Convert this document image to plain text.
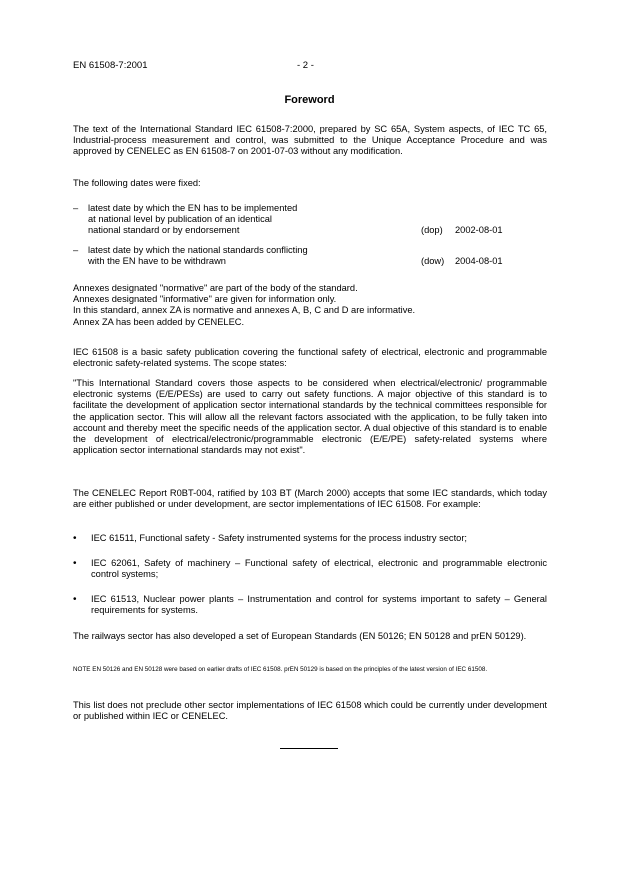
EN 61508-7:2001	- 2 -
Foreword
The text of the International Standard IEC 61508-7:2000, prepared by SC 65A, System aspects, of IEC TC 65, Industrial-process measurement and control, was submitted to the Unique Acceptance Procedure and was approved by CENELEC as EN 61508-7 on 2001-07-03 without any modification.
The following dates were fixed:
– latest date by which the EN has to be implemented
at national level by publication of an identical
national standard or by endorsement	(dop)	2002-08-01
– latest date by which the national standards conflicting
with the EN have to be withdrawn	(dow)	2004-08-01
Annexes designated "normative" are part of the body of the standard.
Annexes designated "informative" are given for information only.
In this standard, annex ZA is normative and annexes A, B, C and D are informative.
Annex ZA has been added by CENELEC.
IEC 61508 is a basic safety publication covering the functional safety of electrical, electronic and programmable electronic safety-related systems. The scope states:
"This International Standard covers those aspects to be considered when electrical/electronic/ programmable electronic systems (E/E/PESs) are used to carry out safety functions. A major objective of this standard is to facilitate the development of application sector international standards by the technical committees responsible for the application sector. This will allow all the relevant factors associated with the application, to be fully taken into account and thereby meet the specific needs of the application sector. A dual objective of this standard is to enable the development of electrical/electronic/programmable electronic (E/E/PE) safety-related systems where application sector international standards may not exist".
The CENELEC Report R0BT-004, ratified by 103 BT (March 2000) accepts that some IEC standards, which today are either published or under development, are sector implementations of IEC 61508. For example:
• IEC 61511, Functional safety - Safety instrumented systems for the process industry sector;
• IEC 62061, Safety of machinery – Functional safety of electrical, electronic and programmable electronic control systems;
• IEC 61513, Nuclear power plants – Instrumentation and control for systems important to safety – General requirements for systems.
The railways sector has also developed a set of European Standards (EN 50126; EN 50128 and prEN 50129).
NOTE EN 50126 and EN 50128 were based on earlier drafts of IEC 61508. prEN 50129 is based on the principles of the latest version of IEC 61508.
This list does not preclude other sector implementations of IEC 61508 which could be currently under development or published within IEC or CENELEC.
